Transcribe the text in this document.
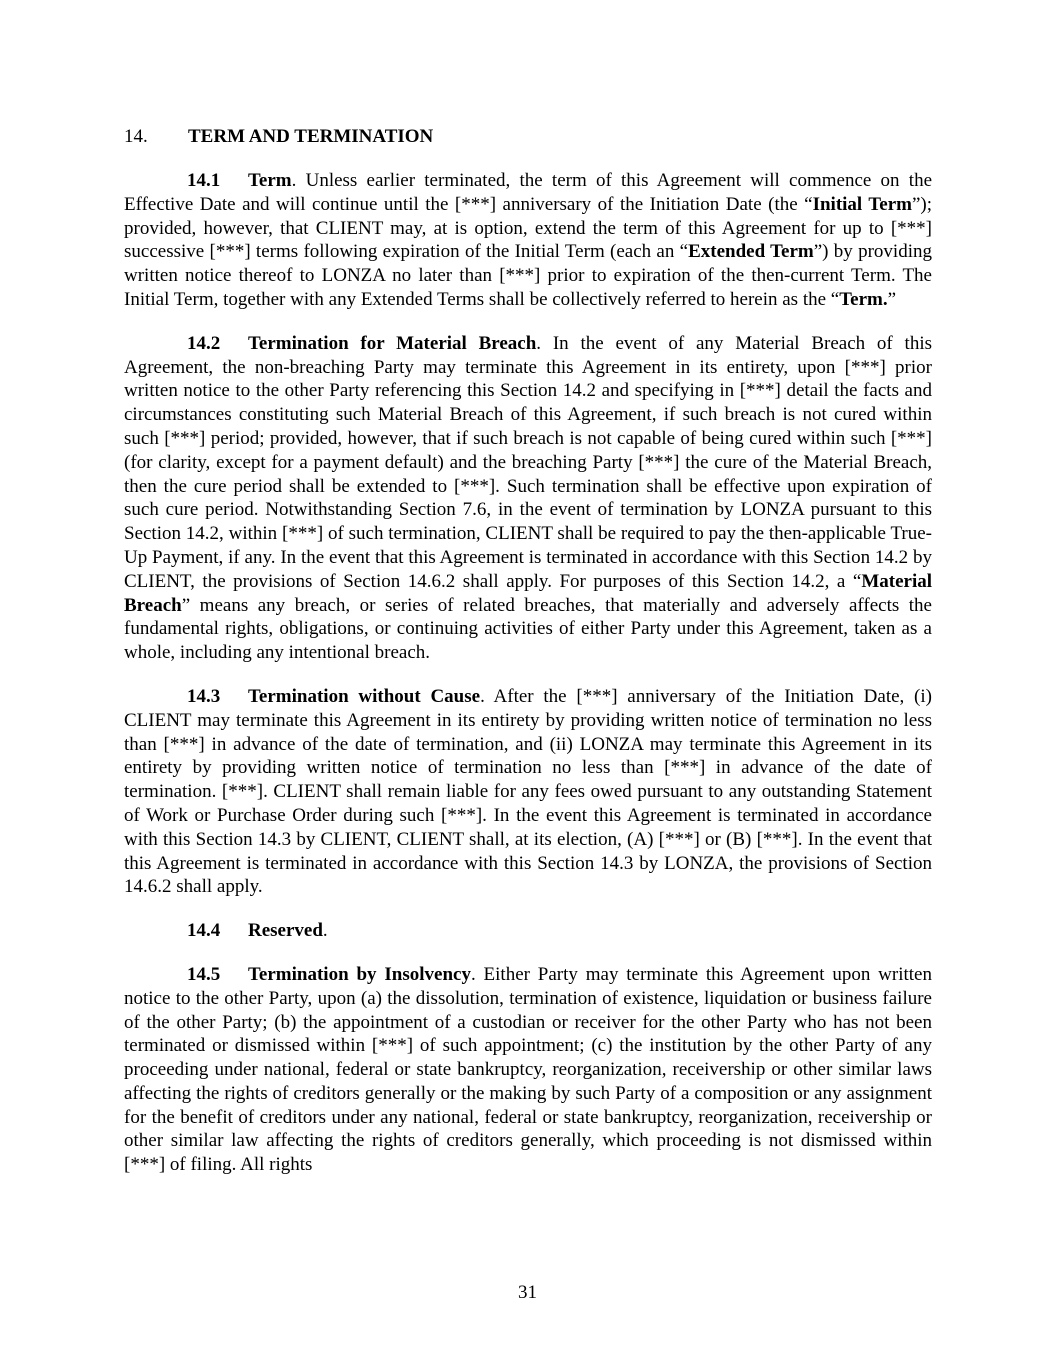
14. TERM AND TERMINATION

14.1 Term. Unless earlier terminated, the term of this Agreement will commence on the Effective Date and will continue until the [***] anniversary of the Initiation Date (the “Initial Term”); provided, however, that CLIENT may, at is option, extend the term of this Agreement for up to [***] successive [***] terms following expiration of the Initial Term (each an “Extended Term”) by providing written notice thereof to LONZA no later than [***] prior to expiration of the then-current Term. The Initial Term, together with any Extended Terms shall be collectively referred to herein as the “Term.”

14.2 Termination for Material Breach. In the event of any Material Breach of this Agreement, the non-breaching Party may terminate this Agreement in its entirety, upon [***] prior written notice to the other Party referencing this Section 14.2 and specifying in [***] detail the facts and circumstances constituting such Material Breach of this Agreement, if such breach is not cured within such [***] period; provided, however, that if such breach is not capable of being cured within such [***] (for clarity, except for a payment default) and the breaching Party [***] the cure of the Material Breach, then the cure period shall be extended to [***]. Such termination shall be effective upon expiration of such cure period. Notwithstanding Section 7.6, in the event of termination by LONZA pursuant to this Section 14.2, within [***] of such termination, CLIENT shall be required to pay the then-applicable True-Up Payment, if any. In the event that this Agreement is terminated in accordance with this Section 14.2 by CLIENT, the provisions of Section 14.6.2 shall apply. For purposes of this Section 14.2, a “Material Breach” means any breach, or series of related breaches, that materially and adversely affects the fundamental rights, obligations, or continuing activities of either Party under this Agreement, taken as a whole, including any intentional breach.

14.3 Termination without Cause. After the [***] anniversary of the Initiation Date, (i) CLIENT may terminate this Agreement in its entirety by providing written notice of termination no less than [***] in advance of the date of termination, and (ii) LONZA may terminate this Agreement in its entirety by providing written notice of termination no less than [***] in advance of the date of termination. [***]. CLIENT shall remain liable for any fees owed pursuant to any outstanding Statement of Work or Purchase Order during such [***]. In the event this Agreement is terminated in accordance with this Section 14.3 by CLIENT, CLIENT shall, at its election, (A) [***] or (B) [***]. In the event that this Agreement is terminated in accordance with this Section 14.3 by LONZA, the provisions of Section 14.6.2 shall apply.

14.4 Reserved.

14.5 Termination by Insolvency. Either Party may terminate this Agreement upon written notice to the other Party, upon (a) the dissolution, termination of existence, liquidation or business failure of the other Party; (b) the appointment of a custodian or receiver for the other Party who has not been terminated or dismissed within [***] of such appointment; (c) the institution by the other Party of any proceeding under national, federal or state bankruptcy, reorganization, receivership or other similar laws affecting the rights of creditors generally or the making by such Party of a composition or any assignment for the benefit of creditors under any national, federal or state bankruptcy, reorganization, receivership or other similar law affecting the rights of creditors generally, which proceeding is not dismissed within [***] of filing. All rights

31
